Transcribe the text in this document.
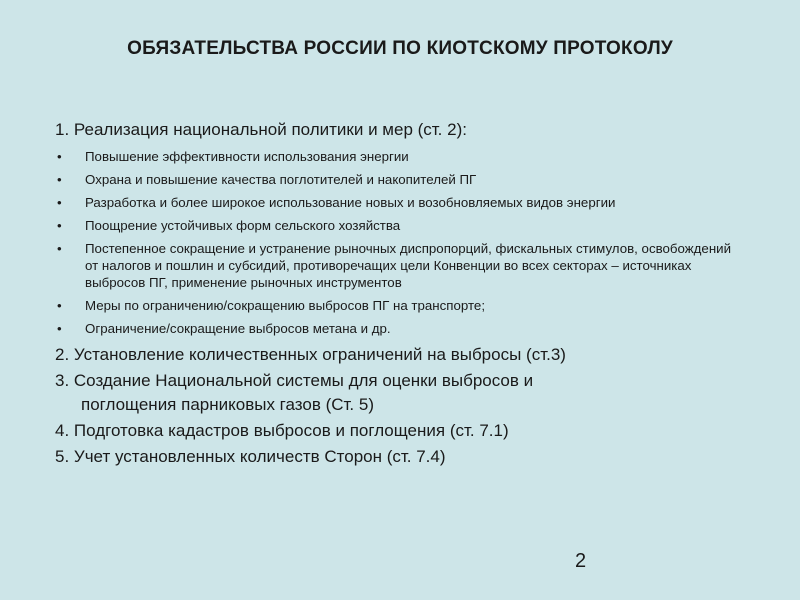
ОБЯЗАТЕЛЬСТВА РОССИИ ПО КИОТСКОМУ ПРОТОКОЛУ
1. Реализация национальной политики и мер (ст. 2):
• Повышение эффективности использования энергии
• Охрана и повышение качества поглотителей и накопителей ПГ
• Разработка и более широкое использование новых и возобновляемых видов энергии
• Поощрение устойчивых форм сельского хозяйства
• Постепенное сокращение и устранение рыночных диспропорций, фискальных стимулов, освобождений от налогов и пошлин и субсидий, противоречащих цели Конвенции во всех секторах – источниках выбросов ПГ, применение рыночных инструментов
• Меры по ограничению/сокращению выбросов ПГ на транспорте;
• Ограничение/сокращение выбросов метана и др.
2. Установление количественных ограничений на выбросы (ст.3)
3. Создание Национальной системы для оценки выбросов и
поглощения парниковых газов (Ст. 5)
4. Подготовка кадастров выбросов и поглощения (ст. 7.1)
5. Учет установленных количеств Сторон (ст. 7.4)
2
